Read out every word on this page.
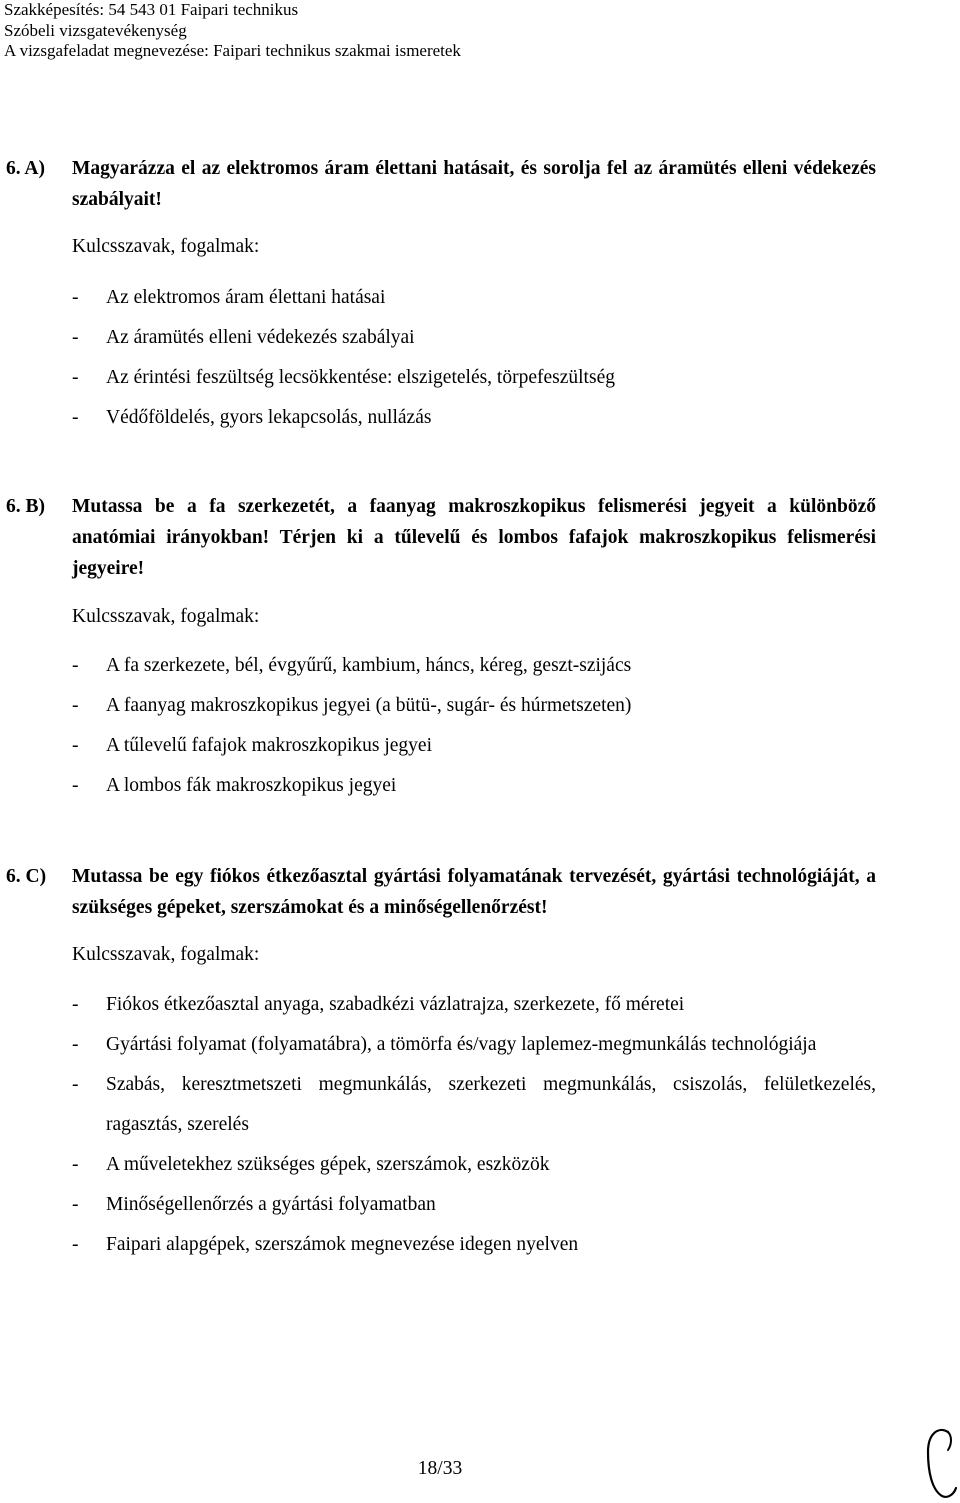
Szakképesítés: 54 543 01 Faipari technikus
Szóbeli vizsgatevékenység
A vizsgafeladat megnevezése: Faipari technikus szakmai ismeretek
6. A) Magyarázza el az elektromos áram élettani hatásait, és sorolja fel az áramütés elleni védekezés szabályait!
Kulcsszavak, fogalmak:
- Az elektromos áram élettani hatásai
- Az áramütés elleni védekezés szabályai
- Az érintési feszültség lecsökkentése: elszigetelés, törpefeszültség
- Védőföldelés, gyors lekapcsolás, nullázás
6. B) Mutassa be a fa szerkezetét, a faanyag makroszkopikus felismerési jegyeit a különböző anatómiai irányokban! Térjen ki a tűlevelű és lombos fafajok makroszkopikus felismerési jegyeire!
Kulcsszavak, fogalmak:
- A fa szerkezete, bél, évgyűrű, kambium, háncs, kéreg, geszt-szijács
- A faanyag makroszkopikus jegyei (a bütü-, sugár- és húrmetszeten)
- A tűlevelű fafajok makroszkopikus jegyei
- A lombos fák makroszkopikus jegyei
6. C) Mutassa be egy fiókos étkezőasztal gyártási folyamatának tervezését, gyártási technológiáját, a szükséges gépeket, szerszámokat és a minőségellenőrzést!
Kulcsszavak, fogalmak:
- Fiókos étkezőasztal anyaga, szabadkézi vázlatrajza, szerkezete, fő méretei
- Gyártási folyamat (folyamatábra), a tömörfa és/vagy laplemez-megmunkálás technológiája
- Szabás, keresztmetszeti megmunkálás, szerkezeti megmunkálás, csiszolás, felületkezelés, ragasztás, szerelés
- A műveletekhez szükséges gépek, szerszámok, eszközök
- Minőségellenőrzés a gyártási folyamatban
- Faipari alapgépek, szerszámok megnevezése idegen nyelven
18/33
